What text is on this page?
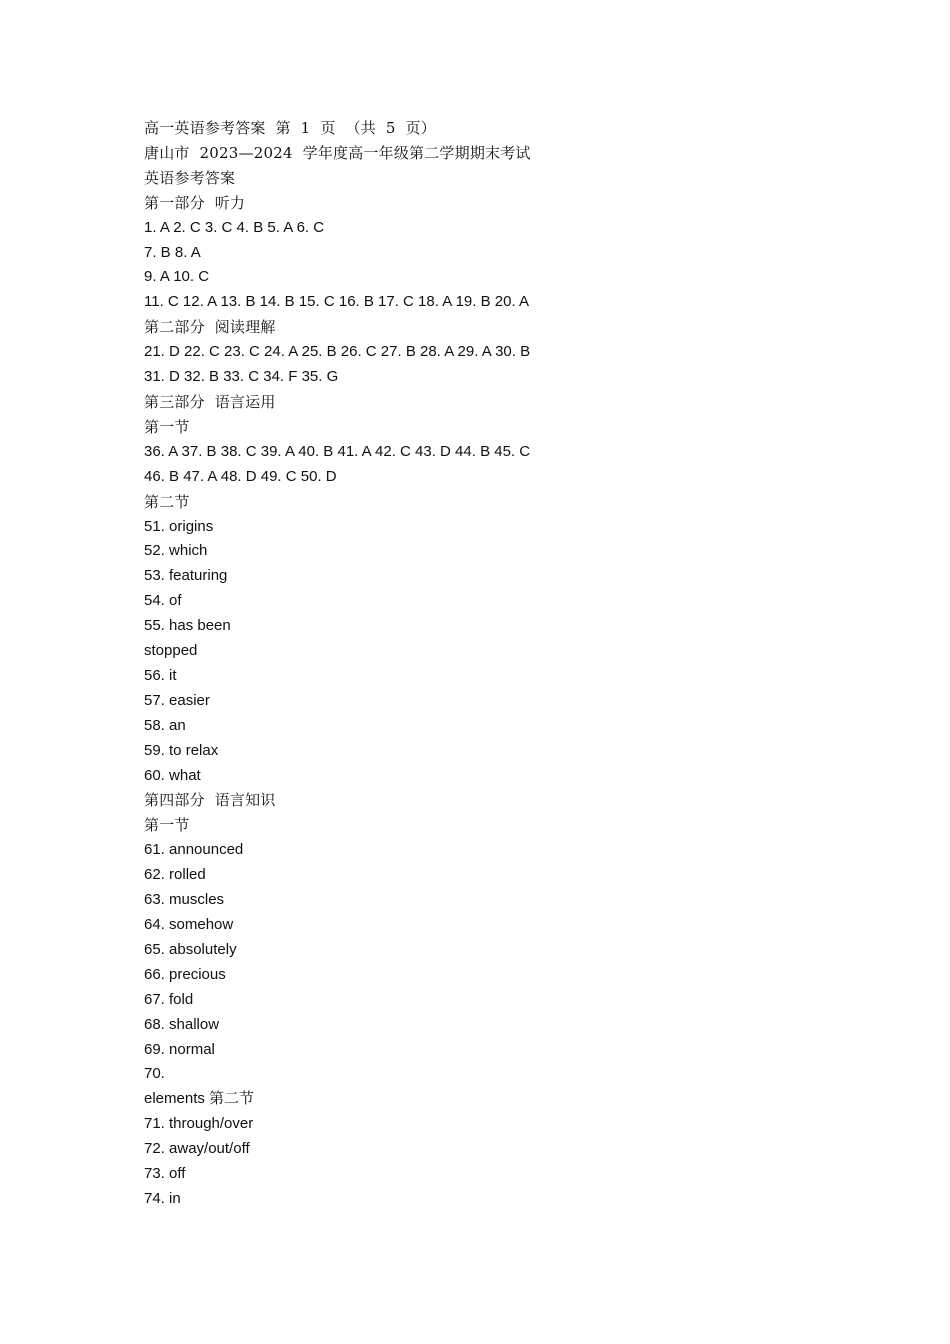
高一英语参考答案  第  1  页  （共  5  页）
唐山市  2023—2024  学年度高一年级第二学期期末考试
英语参考答案
第一部分  听力
1. A 2. C 3. C 4. B 5. A 6. C
7. B 8. A
9. A 10. C
11. C 12. A 13. B 14. B 15. C 16. B 17. C 18. A 19. B 20. A
第二部分  阅读理解
21. D 22. C 23. C 24. A 25. B 26. C 27. B 28. A 29. A 30. B
31. D 32. B 33. C 34. F 35. G
第三部分  语言运用
第一节
36. A 37. B 38. C 39. A 40. B 41. A 42. C 43. D 44. B 45. C
46. B 47. A 48. D 49. C 50. D
第二节
51. origins
52. which
53. featuring
54. of
55. has been
stopped
56. it
57. easier
58. an
59. to relax
60. what
第四部分  语言知识
第一节
61. announced
62. rolled
63. muscles
64. somehow
65. absolutely
66. precious
67. fold
68. shallow
69. normal
70.
elements 第二节
71. through/over
72. away/out/off
73. off
74. in
